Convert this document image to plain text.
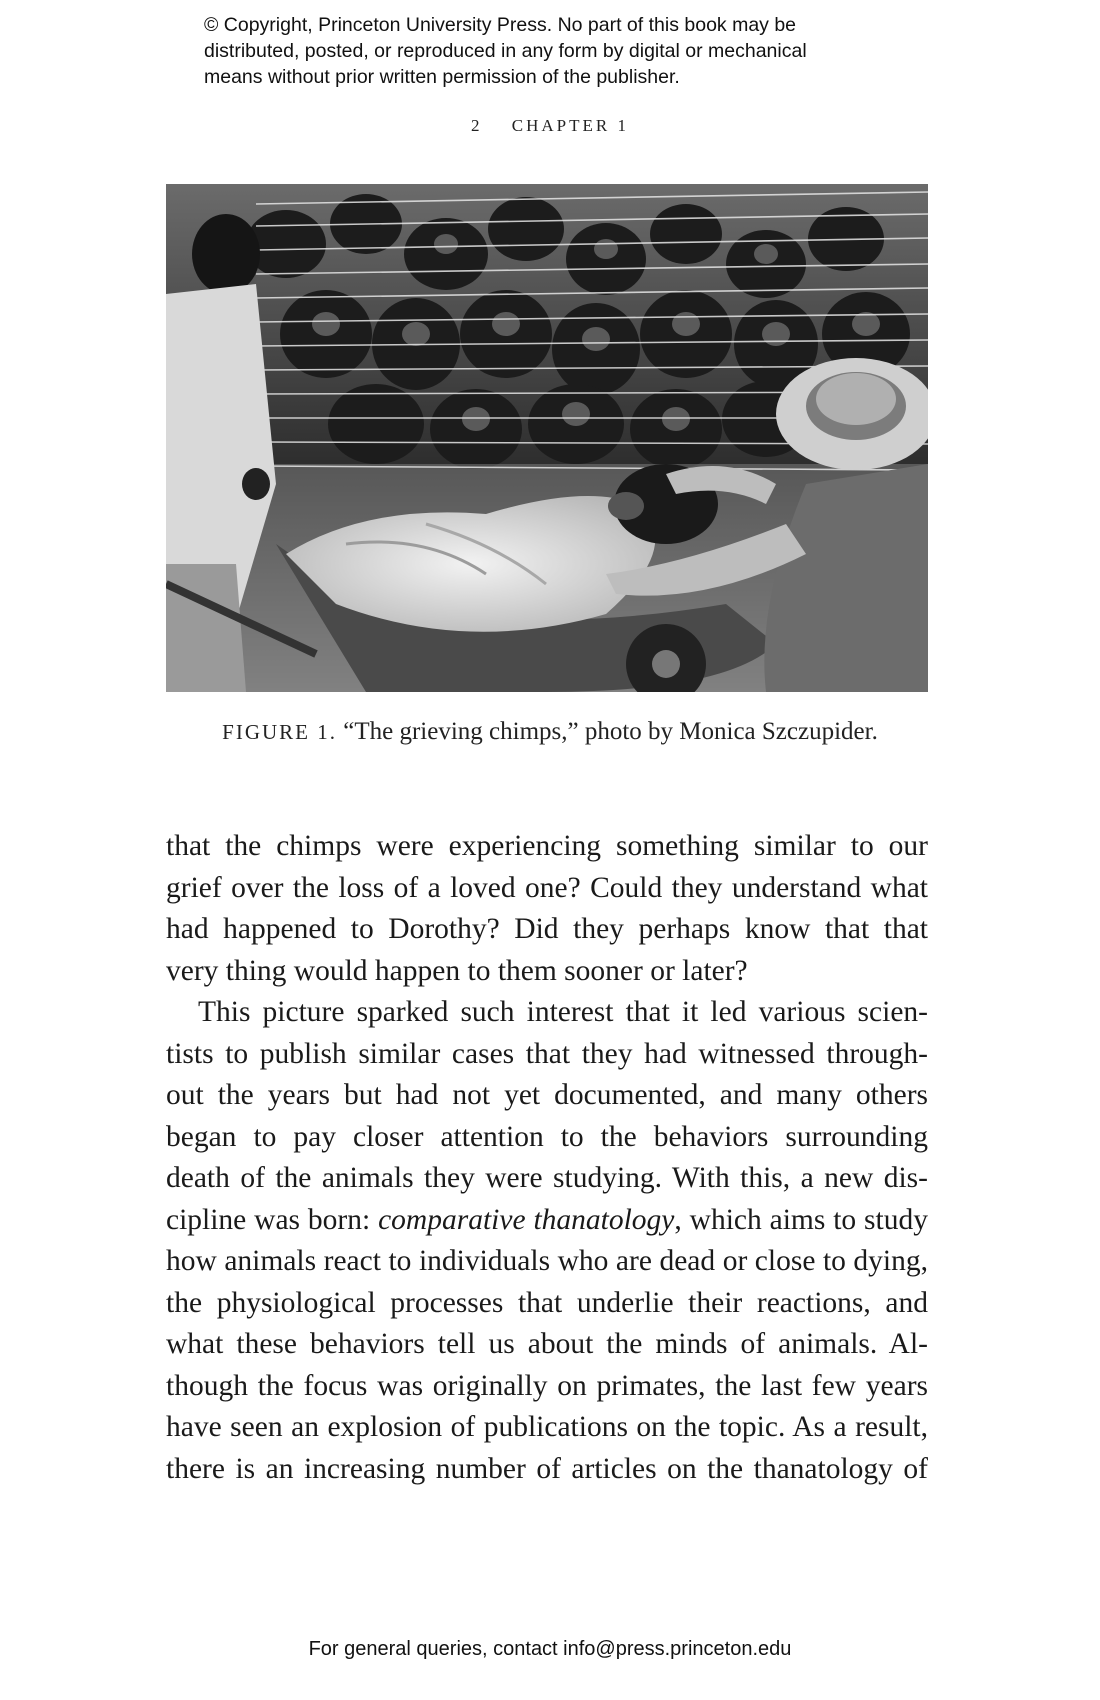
© Copyright, Princeton University Press. No part of this book may be
distributed, posted, or reproduced in any form by digital or mechanical
means without prior written permission of the publisher.
2 CHAPTER 1
FIGURE 1. “The grieving chimps,” photo by Monica Szczupider.
that the chimps were experiencing something similar to our
grief over the loss of a loved one? Could they understand what
had happened to Dorothy? Did they perhaps know that that
very thing would happen to them sooner or later?
This picture sparked such interest that it led various scien-
tists to publish similar cases that they had witnessed through-
out the years but had not yet documented, and many others
began to pay closer attention to the behaviors surrounding
death of the animals they were studying. With this, a new dis-
cipline was born: comparative thanatology, which aims to study
how animals react to individuals who are dead or close to dying,
the physiological processes that underlie their reactions, and
what these behaviors tell us about the minds of animals. Al-
though the focus was originally on primates, the last few years
have seen an explosion of publications on the topic. As a result,
there is an increasing number of articles on the thanatology of
For general queries, contact info@press.princeton.edu
